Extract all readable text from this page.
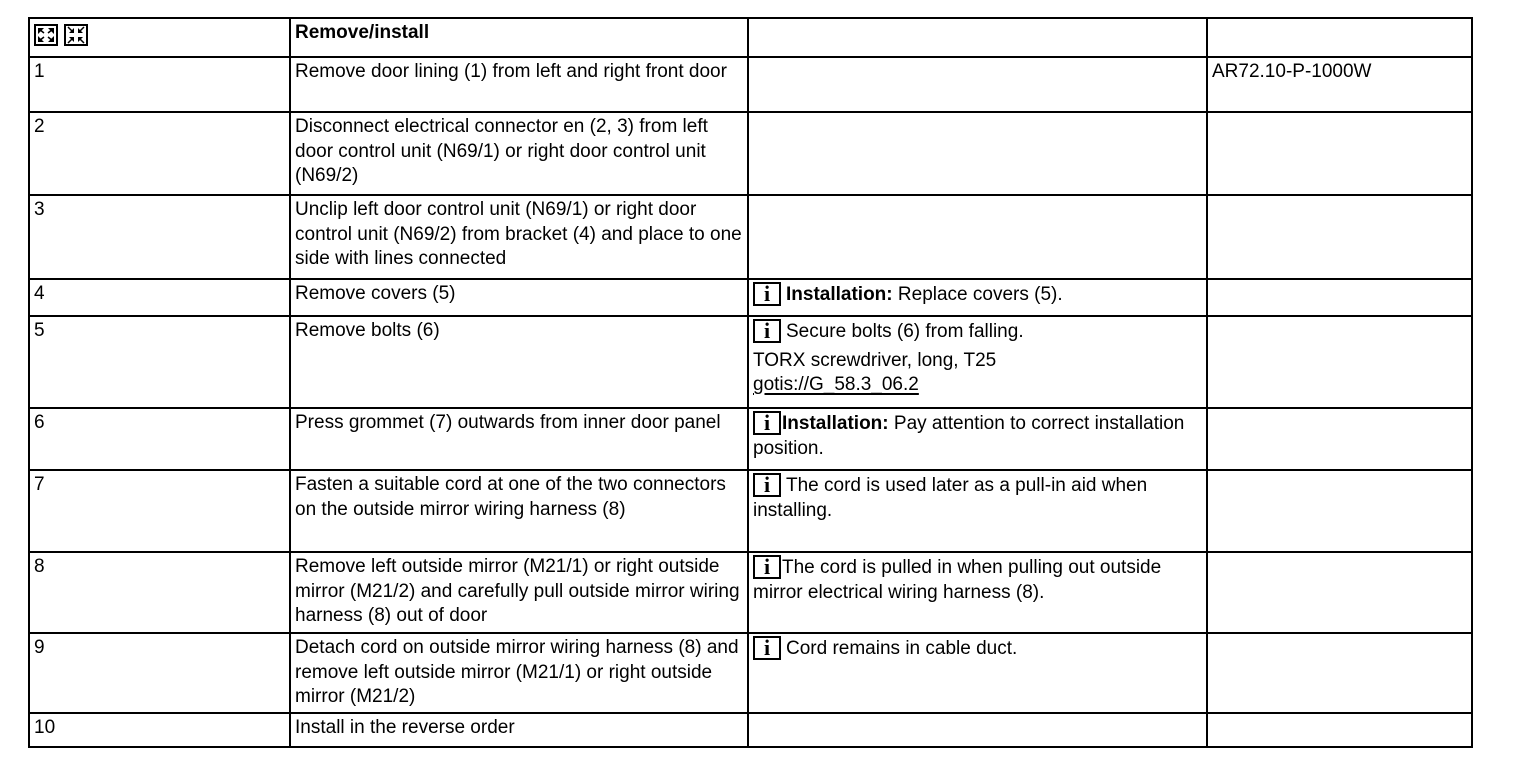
	Remove/install		
1	Remove door lining (1) from left and right front door		AR72.10-P-1000W
2	Disconnect electrical connector en (2, 3) from left door control unit (N69/1) or right door control unit (N69/2)		
3	Unclip left door control unit (N69/1) or right door control unit (N69/2) from bracket (4) and place to one side with lines connected		
4	Remove covers (5)	i Installation: Replace covers (5).	
5	Remove bolts (6)	i Secure bolts (6) from falling.
TORX screwdriver, long, T25
gotis://G_58.3_06.2	

6	Press grommet (7) outwards from inner door panel	i Installation: Pay attention to correct installation position.	
7	Fasten a suitable cord at one of the two connectors on the outside mirror wiring harness (8)	i The cord is used later as a pull-in aid when installing.	
8	Remove left outside mirror (M21/1) or right outside mirror (M21/2) and carefully pull outside mirror wiring harness (8) out of door	i The cord is pulled in when pulling out outside mirror electrical wiring harness (8).	
9	Detach cord on outside mirror wiring harness (8) and remove left outside mirror (M21/1) or right outside mirror (M21/2)	i Cord remains in cable duct.	
10	Install in the reverse order		
